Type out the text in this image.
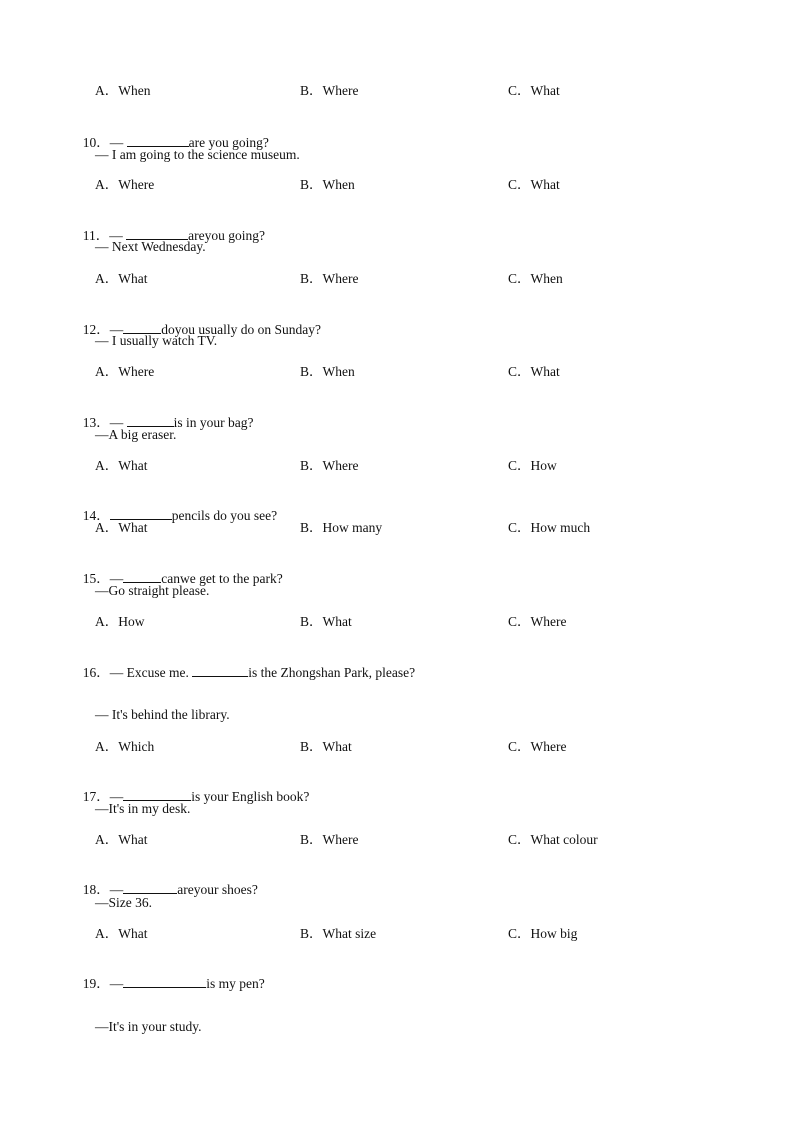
A．When	B．Where	C．What

10．—	are you going?

— I am going to the science museum.
A．Where	B．When	C．What

11．—	areyou going?

— Next Wednesday.
A．What	B．Where	C．When

12．—	doyou usually do on Sunday?

— I usually watch TV.
A．Where	B．When	C．What

13．—	is in your bag?

—A big eraser.
A．What	B．Where	C．How

14．	pencils do you see?

A．What	B．How many	C．How much

15．—	canwe get to the park?

—Go straight please.
A．How	B．What	C．Where

16．— Excuse me.	is the Zhongshan Park, please?

— It's behind the library.
A．Which	B．What	C．Where

17．—	is your English book?

—It's in my desk.
A．What	B．Where	C．What colour

18．—	areyour shoes?

—Size 36.
A．What	B．What size	C．How big

19．—	is my pen?

—It's in your study.
